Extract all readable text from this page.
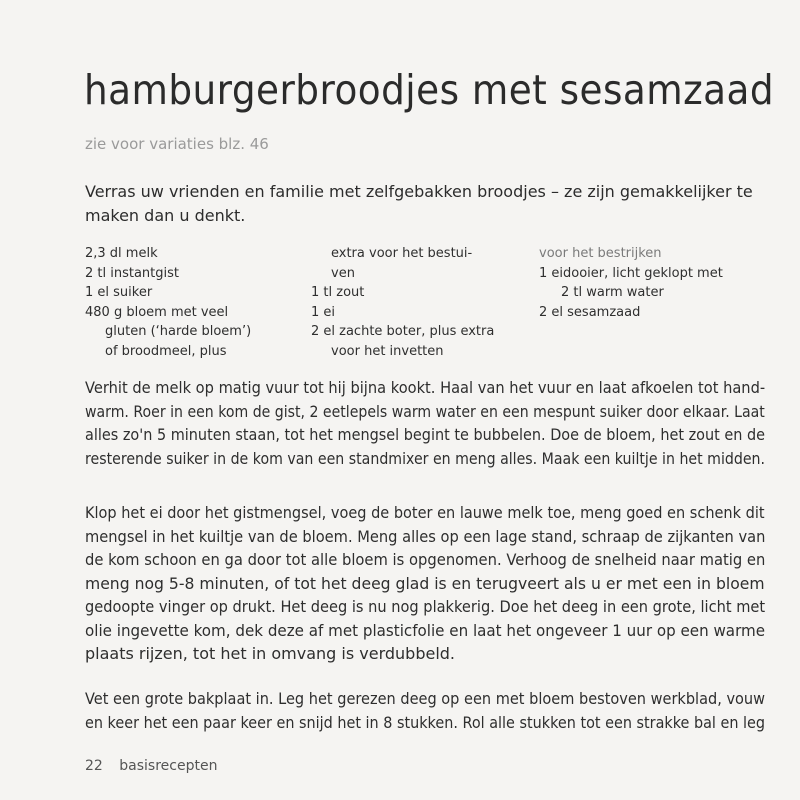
hamburgerbroodjes met sesamzaad
zie voor variaties blz. 46
Verras uw vrienden en familie met zelfgebakken broodjes – ze zijn gemakkelijker te
maken dan u denkt.
2,3 dl melk
2 tl instantgist
1 el suiker
480 g bloem met veel
gluten (‘harde bloem’)
of broodmeel, plus
extra voor het bestui-
ven
1 tl zout
1 ei
2 el zachte boter, plus extra
voor het invetten
voor het bestrijken
1 eidooier, licht geklopt met
2 tl warm water
2 el sesamzaad
Verhit de melk op matig vuur tot hij bijna kookt. Haal van het vuur en laat afkoelen tot hand-
warm. Roer in een kom de gist, 2 eetlepels warm water en een mespunt suiker door elkaar. Laat
alles zo'n 5 minuten staan, tot het mengsel begint te bubbelen. Doe de bloem, het zout en de
resterende suiker in de kom van een standmixer en meng alles. Maak een kuiltje in het midden.
Klop het ei door het gistmengsel, voeg de boter en lauwe melk toe, meng goed en schenk dit
mengsel in het kuiltje van de bloem. Meng alles op een lage stand, schraap de zijkanten van
de kom schoon en ga door tot alle bloem is opgenomen. Verhoog de snelheid naar matig en
meng nog 5-8 minuten, of tot het deeg glad is en terugveert als u er met een in bloem
gedoopte vinger op drukt. Het deeg is nu nog plakkerig. Doe het deeg in een grote, licht met
olie ingevette kom, dek deze af met plasticfolie en laat het ongeveer 1 uur op een warme
plaats rijzen, tot het in omvang is verdubbeld.
Vet een grote bakplaat in. Leg het gerezen deeg op een met bloem bestoven werkblad, vouw
en keer het een paar keer en snijd het in 8 stukken. Rol alle stukken tot een strakke bal en leg
22 basisrecepten
